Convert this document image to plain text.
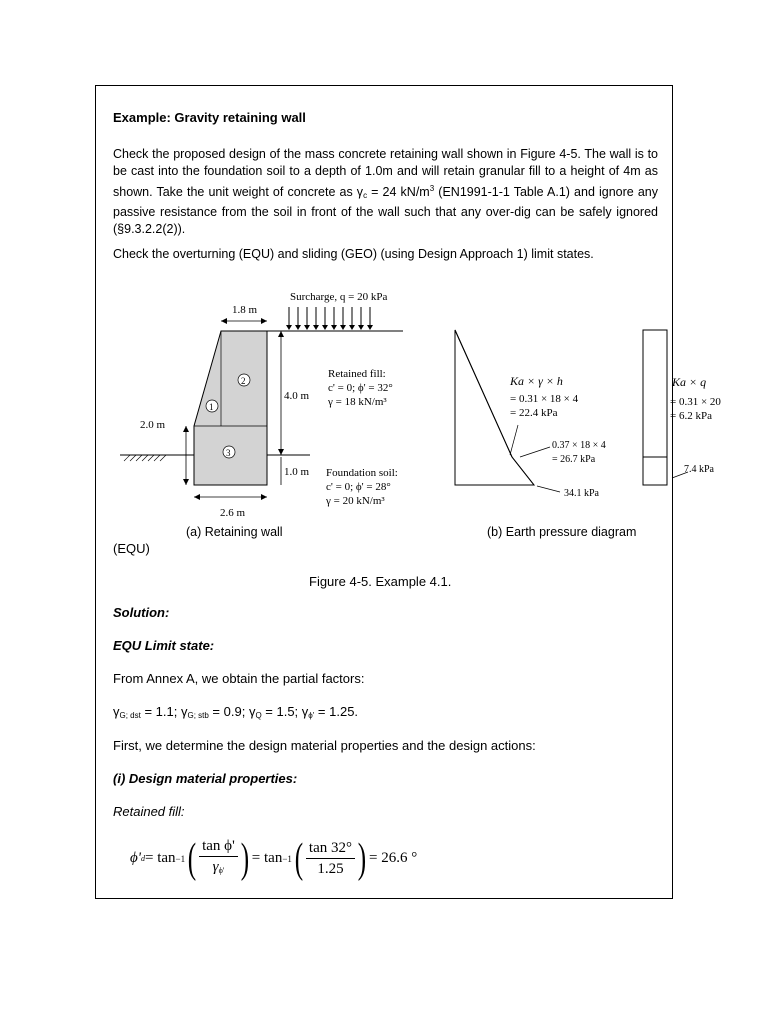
Example: Gravity retaining wall

Check the proposed design of the mass concrete retaining wall shown in Figure 4-5. The wall is to be cast into the foundation soil to a depth of 1.0m and will retain granular fill to a height of 4m as shown. Take the unit weight of concrete as $\gamma_c = 24$ $kN/m^3$ (EN1991-1-1 Table A.1) and ignore any passive resistance from the soil in front of the wall such that any over-dig can be safely ignored (§9.3.2.2(2)).

Check the overturning (EQU) and sliding (GEO) (using Design Approach 1) limit states.

Surcharge, q = 20 kPa
1.8 m
4.0 m
1.0 m
2.0 m
2.6 m
1
2
3
Retained fill:
c' = 0; ϕ' = 32°
γ = 18 kN/m³
Foundation soil:
c' = 0; ϕ' = 28°
γ = 20 kN/m³
Ka × γ × h
= 0.31 × 18 × 4
= 22.4 kPa
0.37 × 18 × 4
= 26.7 kPa
34.1 kPa
Ka × q
= 0.31 × 20
= 6.2 kPa
7.4 kPa
(a) Retaining wall	(b) Earth pressure diagram

(EQU)

Figure 4-5. Example 4.1.

Solution:

EQU Limit state:

From Annex A, we obtain the partial factors:

$\gamma_{G; dst} = 1.1$; $\gamma_{G; stb} = 0.9$; $\gamma_Q = 1.5$; $\gamma_{\phi'} = 1.25$.

First, we determine the design material properties and the design actions:

(i) Design material properties:

Retained fill:

ϕ' d = tan −1 ( $\frac{\text{tan ϕ'}}{\gamma_{\phi'}}$ ) = tan −1 ( $\frac{\tan 32^\circ}{1.25}$ ) = 26.6 °
